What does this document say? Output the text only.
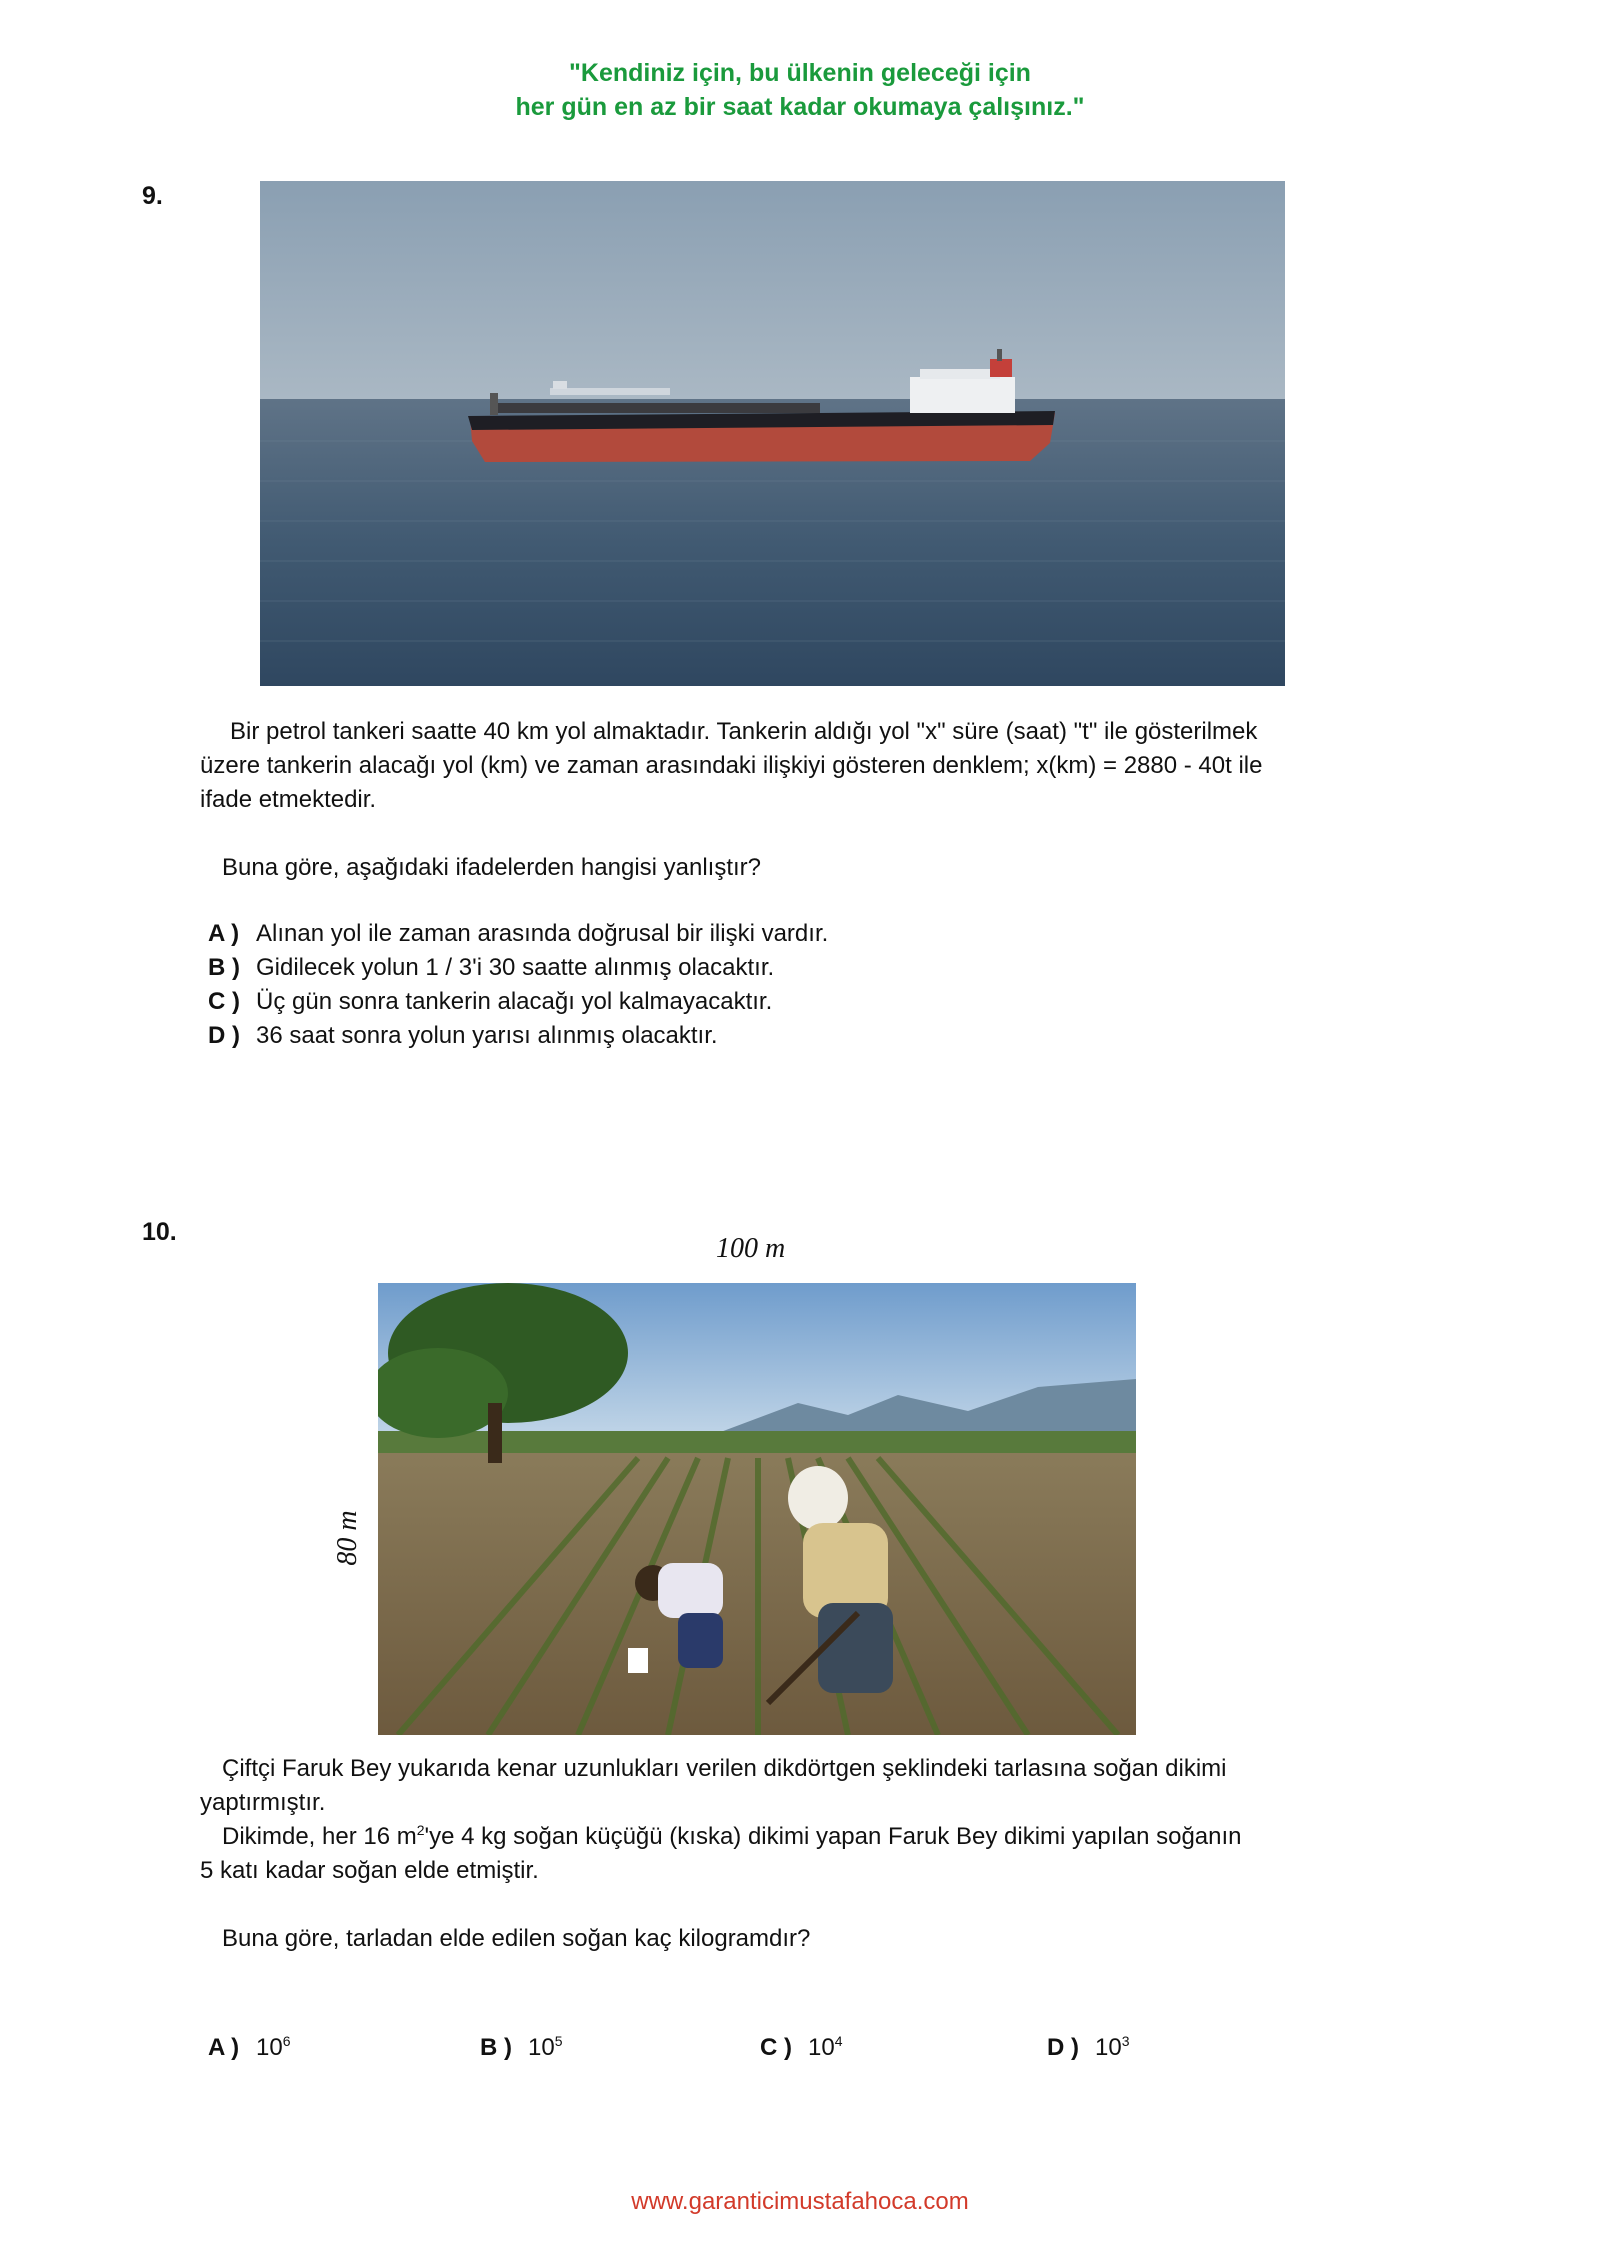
"Kendiniz için, bu ülkenin geleceği için
her gün en az bir saat kadar okumaya çalışınız."
9.
Bir petrol tankeri saatte 40 km yol almaktadır. Tankerin aldığı yol "x" süre (saat) "t" ile gösterilmek
üzere tankerin alacağı yol (km) ve zaman arasındaki ilişkiyi gösteren denklem; x(km) = 2880 - 40t ile
ifade etmektedir.
Buna göre, aşağıdaki ifadelerden hangisi yanlıştır?
A ) Alınan yol ile zaman arasında doğrusal bir ilişki vardır.
B ) Gidilecek yolun 1 / 3'i 30 saatte alınmış olacaktır.
C ) Üç gün sonra tankerin alacağı yol kalmayacaktır.
D ) 36 saat sonra yolun yarısı alınmış olacaktır.
10.
100 m
80 m
Çiftçi Faruk Bey yukarıda kenar uzunlukları verilen dikdörtgen şeklindeki tarlasına soğan dikimi
yaptırmıştır.
Dikimde, her 16 $m^2'ye$ 4 kg soğan küçüğü (kıska) dikimi yapan Faruk Bey dikimi yapılan soğanın
5 katı kadar soğan elde etmiştir.
Buna göre, tarladan elde edilen soğan kaç kilogramdır?
A ) $10^6$	B ) $10^5$	C ) $10^4$	D ) $10^3$
www.garanticimustafahoca.com
